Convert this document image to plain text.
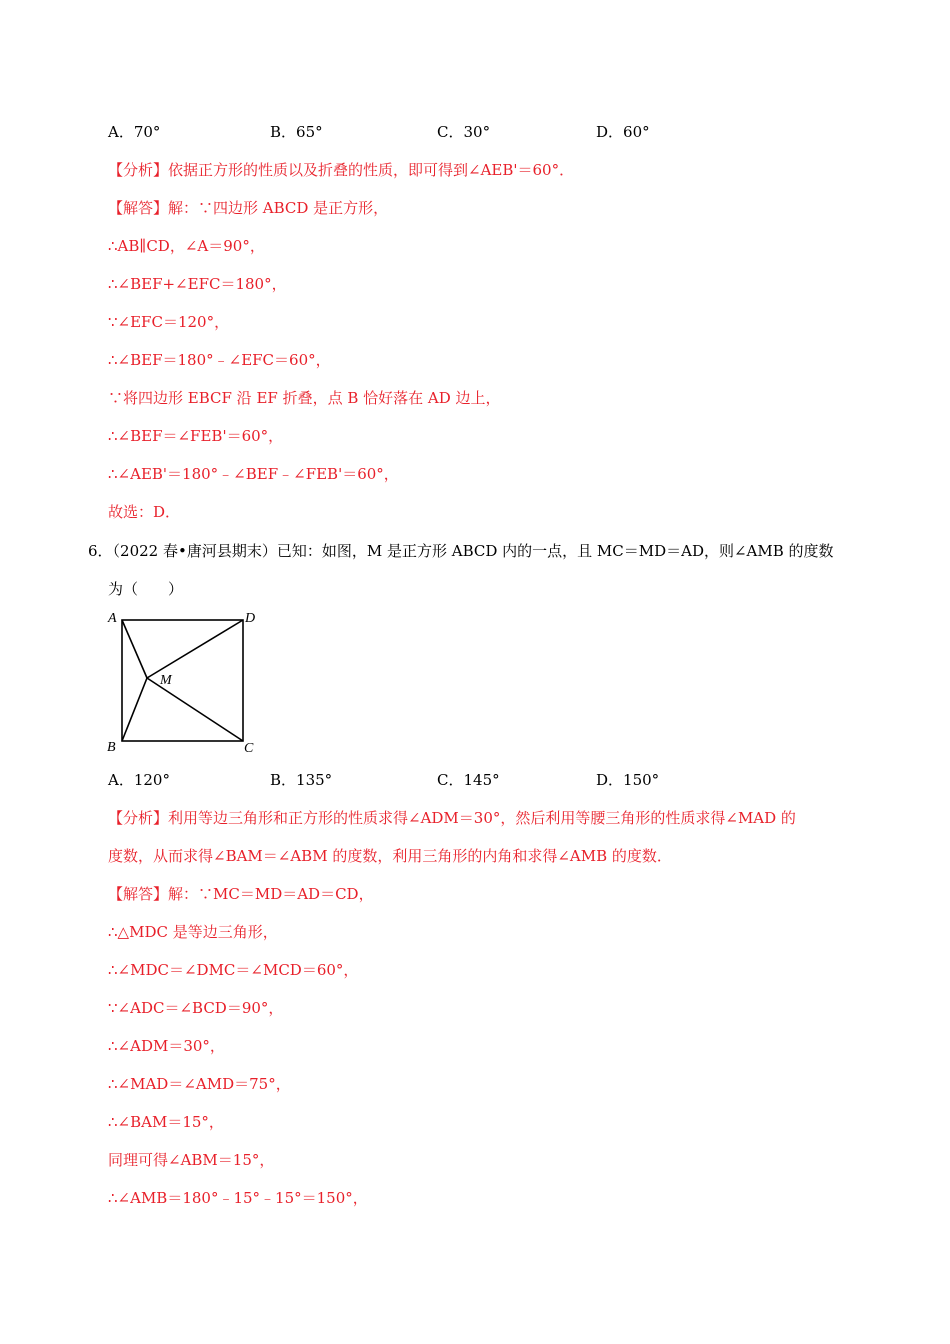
A．70°	B．65°	C．30°	D．60°
【分析】依据正方形的性质以及折叠的性质，即可得到∠AEB'＝60°．
【解答】解：∵四边形 ABCD 是正方形，
∴AB∥CD，∠A＝90°，
∴∠BEF+∠EFC＝180°，
∵∠EFC＝120°，
∴∠BEF＝180°﹣∠EFC＝60°，
∵将四边形 EBCF 沿 EF 折叠，点 B 恰好落在 AD 边上，
∴∠BEF＝∠FEB'＝60°，
∴∠AEB'＝180°﹣∠BEF﹣∠FEB'＝60°，
故选：D．
6．（2022 春•唐河县期末）已知：如图，M 是正方形 ABCD 内的一点，且 MC＝MD＝AD，则∠AMB 的度数
为（　　）
A	D
B	C
M
A．120°	B．135°	C．145°	D．150°
【分析】利用等边三角形和正方形的性质求得∠ADM＝30°，然后利用等腰三角形的性质求得∠MAD 的
度数，从而求得∠BAM＝∠ABM 的度数，利用三角形的内角和求得∠AMB 的度数．
【解答】解：∵MC＝MD＝AD＝CD，
∴△MDC 是等边三角形，
∴∠MDC＝∠DMC＝∠MCD＝60°，
∵∠ADC＝∠BCD＝90°，
∴∠ADM＝30°，
∴∠MAD＝∠AMD＝75°，
∴∠BAM＝15°，
同理可得∠ABM＝15°，
∴∠AMB＝180°﹣15°﹣15°＝150°，
